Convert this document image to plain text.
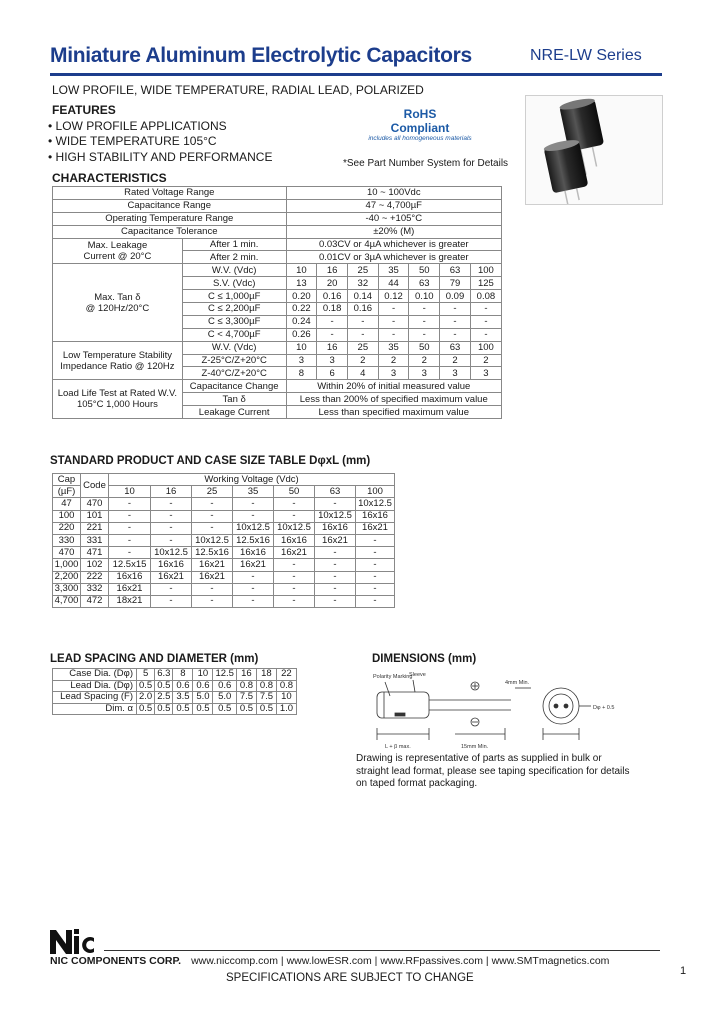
Miniature Aluminum Electrolytic Capacitors	NRE-LW Series
LOW PROFILE, WIDE TEMPERATURE, RADIAL LEAD, POLARIZED
FEATURES
• LOW PROFILE APPLICATIONS
• WIDE TEMPERATURE 105°C
• HIGH STABILITY AND PERFORMANCE
RoHS
Compliant
includes all homogeneous materials
*See Part Number System for Details
CHARACTERISTICS
Rated Voltage Range		10 ~ 100Vdc						
Capacitance Range		47 ~ 4,700µF						
Operating Temperature Range		-40 ~ +105°C						
Capacitance Tolerance		±20% (M)						

Max. Leakage
Current @ 20°C	After 1 min.	0.03CV or 4µA whichever is greater						
	After 2 min.	0.01CV or 3µA whichever is greater						

Max. Tan δ
@ 120Hz/20°C	W.V. (Vdc)	10	16	25	35	50	63	100
	S.V. (Vdc)	13	20	32	44	63	79	125
	C ≤ 1,000µF	0.20	0.16	0.14	0.12	0.10	0.09	0.08
	C ≤ 2,200µF	0.22	0.18	0.16	-	-	-	-
	C ≤ 3,300µF	0.24	-	-	-	-	-	-
	C < 4,700µF	0.26	-	-	-	-	-	-

Low Temperature Stability
Impedance Ratio @ 120Hz	W.V. (Vdc)	10	16	25	35	50	63	100
	Z-25°C/Z+20°C	3	3	2	2	2	2	2
	Z-40°C/Z+20°C	8	6	4	3	3	3	3

Load Life Test at Rated W.V.
105°C 1,000 Hours	Capacitance Change	Within 20% of initial measured value						
	Tan δ	Less than 200% of specified maximum value						
	Leakage Current	Less than specified maximum value						
STANDARD PRODUCT AND CASE SIZE TABLE DφxL (mm)
Cap	Code	Working Voltage (Vdc)						
(µF)		10	16	25	35	50	63	100
47	470	-	-	-	-	-	-	10x12.5
100	101	-	-	-	-	-	10x12.5	16x16
220	221	-	-	-	10x12.5	10x12.5	16x16	16x21
330	331	-	-	10x12.5	12.5x16	16x16	16x21	-
470	471	-	10x12.5	12.5x16	16x16	16x21	-	-
1,000	102	12.5x15	16x16	16x21	16x21	-	-	-
2,200	222	16x16	16x21	16x21	-	-	-	-
3,300	332	16x21	-	-	-	-	-	-
4,700	472	18x21	-	-	-	-	-	-
LEAD SPACING AND DIAMETER (mm)
Case Dia. (Dφ)	5	6.3	8	10	12.5	16	18	22
Lead Dia. (Dφ)	0.5	0.5	0.6	0.6	0.6	0.8	0.8	0.8
Lead Spacing (F)	2.0	2.5	3.5	5.0	5.0	7.5	7.5	10
Dim. α	0.5	0.5	0.5	0.5	0.5	0.5	0.5	1.0
DIMENSIONS (mm)
Polarity Marking
Sleeve
L + β max.	15mm Min.
4mm Min.
Dφ + 0.5
Drawing is representative of parts as supplied in bulk or straight lead format, please see taping specification for details on taped format packaging.
NIC COMPONENTS CORP. www.niccomp.com | www.lowESR.com | www.RFpassives.com | www.SMTmagnetics.com
1
SPECIFICATIONS ARE SUBJECT TO CHANGE
